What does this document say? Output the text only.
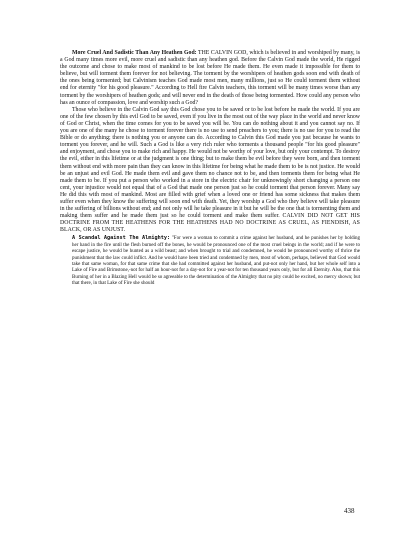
More Cruel And Sadistic Than Any Heathen God: THE CALVIN GOD, which is believed in and worshiped by many, is a God many times more evil, more cruel and sadistic than any heathen god. Before the Calvin God made the world, He rigged the outcome and chose to make most of mankind to be lost before He made them. He even made it impossible for them to believe, but will torment them forever for not believing. The torment by the worshipers of heathen gods soon end with death of the ones being tormented; but Calvinism teaches God made most men, many millions, just so He could torment them without end for eternity "for his good pleasure." According to Hell fire Calvin teachers, this torment will be many times worse than any torment by the worshipers of heathen gods; and will never end in the death of those being tormented. How could any person who has an ounce of compassion, love and worship such a God?

Those who believe in the Calvin God say this God chose you to be saved or to be lost before he made the world. If you are one of the few chosen by this evil God to be saved, even if you live in the most out of the way place in the world and never know of God or Christ, when the time comes for you to be saved you will be. You can do nothing about it and you cannot say no. If you are one of the many he chose to torment forever there is no use to send preachers to you; there is no use for you to read the Bible or do anything; there is nothing you or anyone can do. According to Calvin this God made you just because he wants to torment you forever, and he will. Such a God is like a very rich ruler who torments a thousand people "for his good pleasure" and enjoyment, and chose you to make rich and happy. He would not be worthy of your love, but only your contempt. To destroy the evil, either in this lifetime or at the judgment is one thing; but to make them be evil before they were born, and then torment them without end with more pain than they can know in this lifetime for being what he made them to be is not justice. He would be an unjust and evil God. He made them evil and gave them no chance not to be, and then torments them for being what He made them to be. If you put a person who worked in a store in the electric chair for unknowingly short changing a person one cent, your injustice would not equal that of a God that made one person just so he could torment that person forever. Many say He did this with most of mankind. Most are filled with grief when a loved one or friend has some sickness that makes them suffer even when they know the suffering will soon end with death. Yet, they worship a God who they believe will take pleasure in the suffering of billions without end; and not only will he take pleasure in it but he will be the one that is tormenting them and making them suffer and he made them just so he could torment and make them suffer. CALVIN DID NOT GET HIS DOCTRINE FROM THE HEATHENS FOR THE HEATHENS HAD NO DOCTRINE AS CRUEL, AS FIENDISH, AS BLACK, OR AS UNJUST.

A Scandal Against The Almighty: "For were a woman to commit a crime against her husband, and he punishes her by holding her hand in the fire until the flesh burned off the bones, he would be pronounced one of the most cruel beings in the world; and if he were to escape justice, he would be hunted as a wild beast; and when brought to trial and condemned, he would be pronounced worthy of thrice the punishment that the law could inflict. And he would have been tried and condemned by men, most of whom, perhaps, believed that God would take that same woman, for that same crime that she had committed against her husband, and put-not only her hand, but her whole self into a Lake of Fire and Brimstone,-not for half an hour-not for a day-not for a year-not for ten thousand years only, but for all Eternity. Also, that this Burning of her in a Blazing Hell would be so agreeable to the determination of the Almighty that no pity could be excited, no mercy shown; but that there, in that Lake of Fire she should

438
